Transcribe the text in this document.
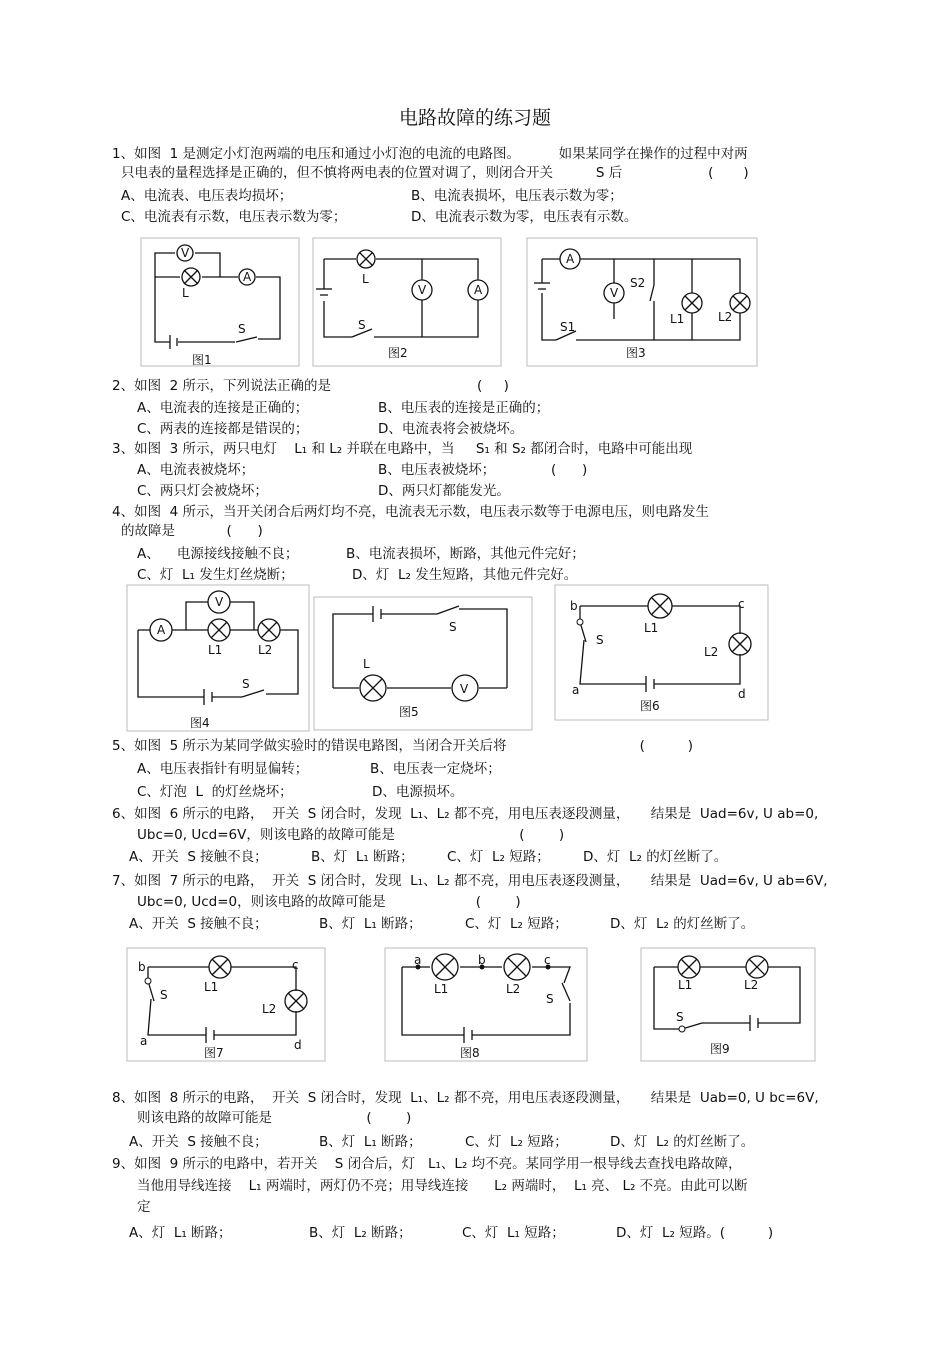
电路故障的练习题
1、如图  1 是测定小灯泡两端的电压和通过小灯泡的电流的电路图。         如果某同学在操作的过程中对两
只电表的量程选择是正确的，但不慎将两电表的位置对调了，则闭合开关          S 后                    (       )
A、电流表、电压表均损坏；	B、电流表损坏，电压表示数为零；
C、电流表有示数，电压表示数为零；	D、电流表示数为零，电压表有示数。
V
A
L
S
图1
V	A
L
S
图2
A
V
S2
S1
L1	L2
图3
2、如图  2 所示，下列说法正确的是                                  (     )
A、电流表的连接是正确的；	B、电压表的连接是正确的；
C、两表的连接都是错误的；	D、电流表将会被烧坏。
3、如图  3 所示，两只电灯    L₁ 和 L₂ 并联在电路中，当     S₁ 和 S₂ 都闭合时，电路中可能出现
A、电流表被烧坏；	B、电压表被烧坏；             (      )
C、两只灯会被烧坏；	D、两只灯都能发光。
4、如图  4 所示，当开关闭合后两灯均不亮，电流表无示数，电压表示数等于电源电压，则电路发生
的故障是            (      )
A、    电源接线接触不良；	B、电流表损坏，断路，其他元件完好；
C、灯  L₁ 发生灯丝烧断；	D、灯  L₂ 发生短路，其他元件完好。
A
V
L1	L2
S
图4
V
L
S
图5
b	c
a	d
S
L1
L2
图6
5、如图  5 所示为某同学做实验时的错误电路图，当闭合开关后将                               (          )
A、电压表指针有明显偏转；	B、电压表一定烧坏；
C、灯泡  L  的灯丝烧坏；	D、电源损坏。
6、如图  6 所示的电路，  开关  S 闭合时，发现  L₁、L₂ 都不亮，用电压表逐段测量，     结果是  Uad=6v, U ab=0,
Ubc=0, Ucd=6V，则该电路的故障可能是                             (        )
A、开关  S 接触不良；	B、灯  L₁ 断路； C、灯  L₂ 短路； D、灯  L₂ 的灯丝断了。
7、如图  7 所示的电路，  开关  S 闭合时，发现  L₁、L₂ 都不亮，用电压表逐段测量，     结果是  Uad=6v, U ab=6V,
Ubc=0, Ucd=0，则该电路的故障可能是                     (        )
A、开关  S 接触不良；	B、灯  L₁ 断路；	C、灯  L₂ 短路；	D、灯  L₂ 的灯丝断了。
b	c
a	d
S
L1
L2
图7
a	b	c
L1	L2
S
图8
L1	L2
S
图9
8、如图  8 所示的电路，  开关  S 闭合时，发现  L₁、L₂ 都不亮，用电压表逐段测量，     结果是  Uab=0, U bc=6V,
则该电路的故障可能是                      (        )
A、开关  S 接触不良；	B、灯  L₁ 断路；	C、灯  L₂ 短路；	D、灯  L₂ 的灯丝断了。
9、如图  9 所示的电路中，若开关    S 闭合后，灯   L₁、L₂ 均不亮。某同学用一根导线去查找电路故障，
当他用导线连接    L₁ 两端时，两灯仍不亮；用导线连接      L₂ 两端时，  L₁ 亮、 L₂ 不亮。由此可以断
定
A、灯  L₁ 断路；	B、灯  L₂ 断路；	C、灯  L₁ 短路；	D、灯  L₂ 短路。(          )
